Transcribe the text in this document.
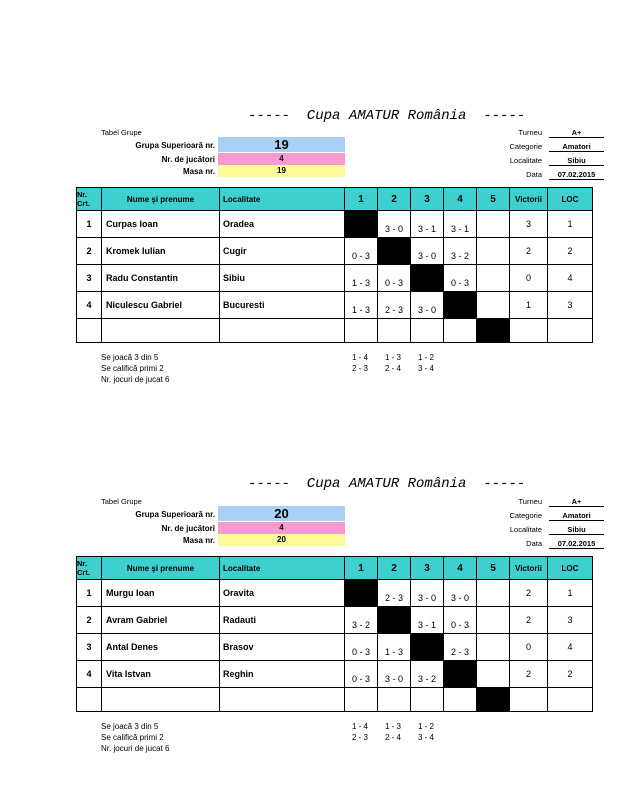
-----  Cupa AMATUR România  -----
Tabel Grupe
Grupa Superioară nr.	19
Nr. de jucători	4
Masa nr.	19
Turneu	A+
Categorie	Amatori
Localitate	Sibiu
Data	07.02.2015
Nr. Crt.	Nume şi prenume	Localitate	1	2	3	4	5	Victorii	LOC
1	Curpas Ioan	Oradea		3 - 0	3 - 1	3 - 1		3	1
2	Kromek Iulian	Cugir	0 - 3		3 - 0	3 - 2		2	2
3	Radu Constantin	Sibiu	1 - 3	0 - 3		0 - 3		0	4
4	Niculescu Gabriel	Bucuresti	1 - 3	2 - 3	3 - 0			1	3

Se joacă 3 din 5
Se califică primi 2
Nr. jocuri de jucat 6
1 - 4 1 - 3 1 - 2
2 - 3 2 - 4 3 - 4
-----  Cupa AMATUR România  -----
Tabel Grupe
Grupa Superioară nr.	20
Nr. de jucători	4
Masa nr.	20
Turneu	A+
Categorie	Amatori
Localitate	Sibiu
Data	07.02.2015
Nr. Crt.	Nume şi prenume	Localitate	1	2	3	4	5	Victorii	LOC
1	Murgu Ioan	Oravita		2 - 3	3 - 0	3 - 0		2	1
2	Avram Gabriel	Radauti	3 - 2		3 - 1	0 - 3		2	3
3	Antal Denes	Brasov	0 - 3	1 - 3		2 - 3		0	4
4	Vita Istvan	Reghin	0 - 3	3 - 0	3 - 2			2	2

Se joacă 3 din 5
Se califică primi 2
Nr. jocuri de jucat 6
1 - 4 1 - 3 1 - 2
2 - 3 2 - 4 3 - 4
